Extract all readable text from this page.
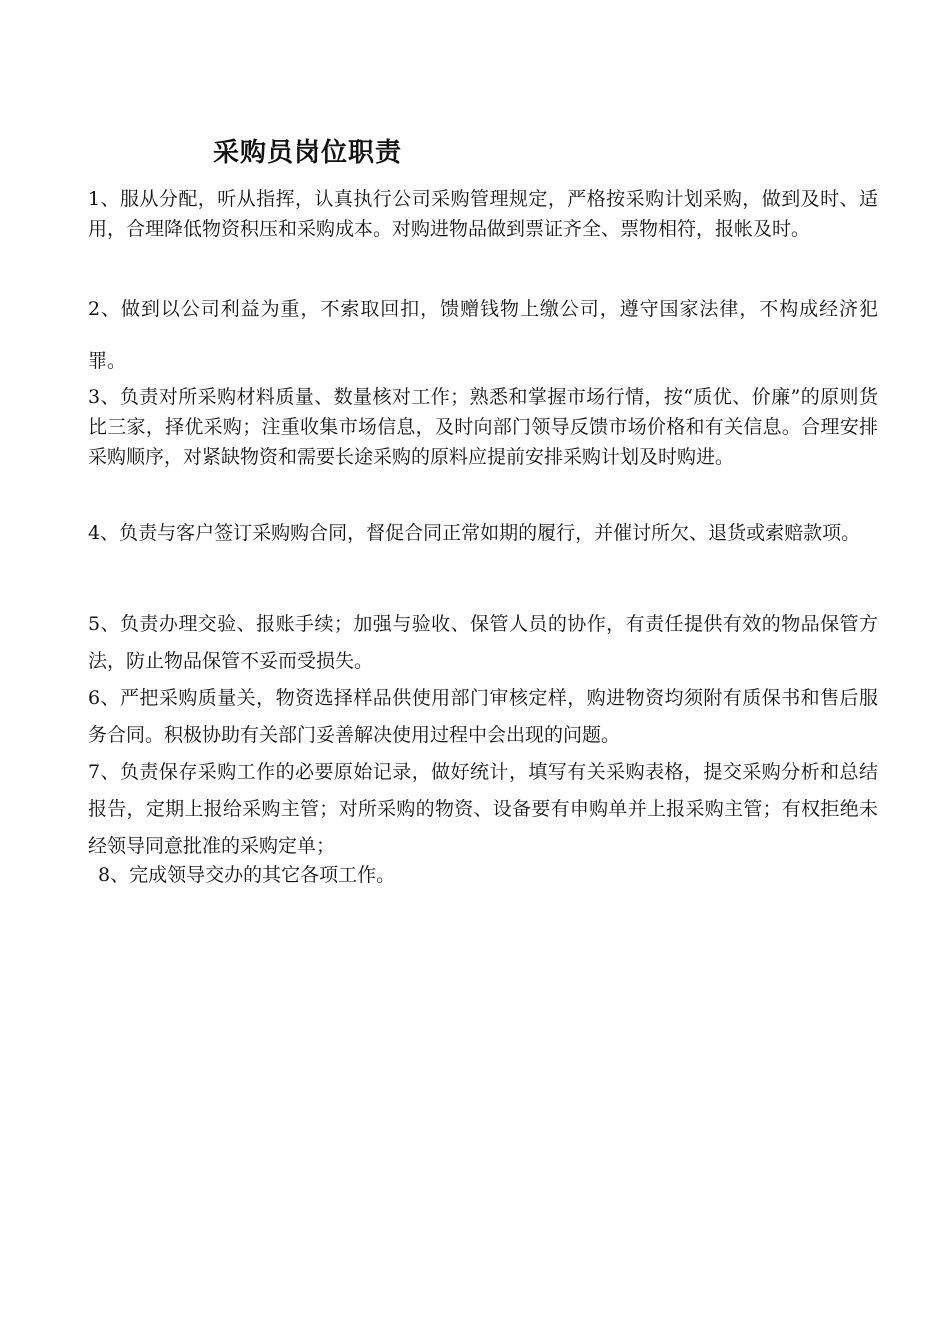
采购员岗位职责

1、服从分配，听从指挥，认真执行公司采购管理规定，严格按采购计划采购，做到及时、适用，合理降低物资积压和采购成本。对购进物品做到票证齐全、票物相符，报帐及时。

2、做到以公司利益为重，不索取回扣，馈赠钱物上缴公司，遵守国家法律，不构成经济犯罪。

3、负责对所采购材料质量、数量核对工作；熟悉和掌握市场行情，按“质优、价廉”的原则货比三家，择优采购；注重收集市场信息，及时向部门领导反馈市场价格和有关信息。合理安排采购顺序，对紧缺物资和需要长途采购的原料应提前安排采购计划及时购进。

4、负责与客户签订采购购合同，督促合同正常如期的履行，并催讨所欠、退货或索赔款项。

5、负责办理交验、报账手续；加强与验收、保管人员的协作，有责任提供有效的物品保管方法，防止物品保管不妥而受损失。

6、严把采购质量关，物资选择样品供使用部门审核定样，购进物资均须附有质保书和售后服务合同。积极协助有关部门妥善解决使用过程中会出现的问题。

7、负责保存采购工作的必要原始记录，做好统计，填写有关采购表格，提交采购分析和总结报告，定期上报给采购主管；对所采购的物资、设备要有申购单并上报采购主管；有权拒绝未经领导同意批准的采购定单；

8、完成领导交办的其它各项工作。
